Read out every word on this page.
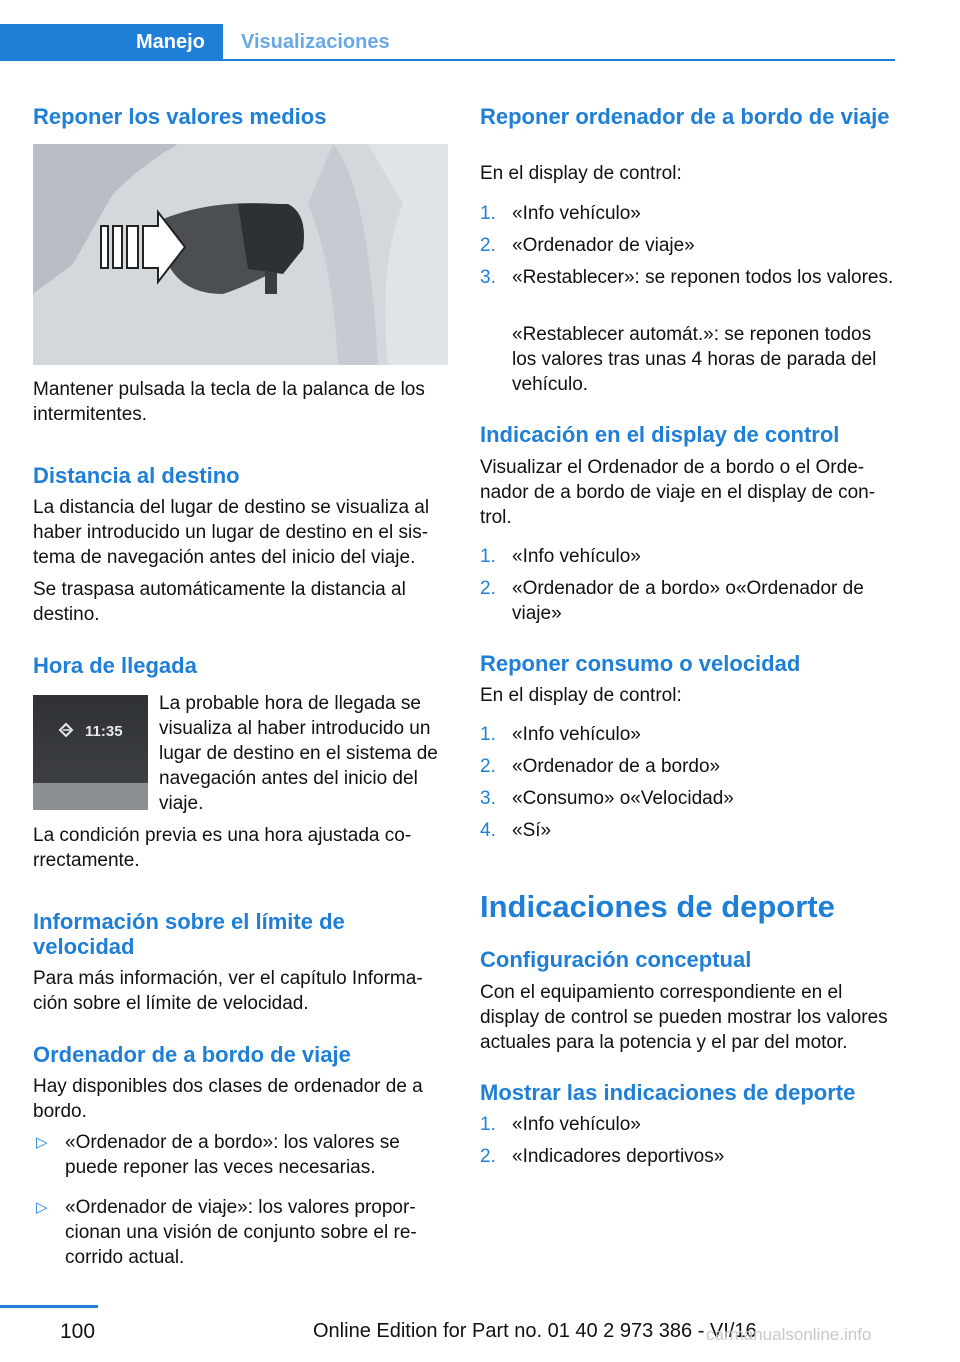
Manejo	Visualizaciones
Reponer los valores medios

Mantener pulsada la tecla de la palanca de los intermitentes.

Distancia al destino

La distancia del lugar de destino se visualiza al haber introducido un lugar de destino en el sistema de navegación antes del inicio del viaje.

Se traspasa automáticamente la distancia al destino.

Hora de llegada
11:35

La probable hora de llegada se visualiza al haber introducido un lugar de destino en el sistema de navegación antes del inicio del viaje.

La condición previa es una hora ajustada correctamente.

Información sobre el límite de velocidad

Para más información, ver el capítulo Información sobre el límite de velocidad.

Ordenador de a bordo de viaje

Hay disponibles dos clases de ordenador de a bordo.

▷ «Ordenador de a bordo»: los valores se puede reponer las veces necesarias.
▷ «Ordenador de viaje»: los valores proporcionan una visión de conjunto sobre el recorrido actual.
Reponer ordenador de a bordo de viaje

En el display de control:

1. «Info vehículo»
2. «Ordenador de viaje»
3. «Restablecer»: se reponen todos los valores.

«Restablecer automát.»: se reponen todos los valores tras unas 4 horas de parada del vehículo.

Indicación en el display de control

Visualizar el Ordenador de a bordo o el Ordenador de a bordo de viaje en el display de control.

1. «Info vehículo»
2. «Ordenador de a bordo» o«Ordenador de viaje»
Reponer consumo o velocidad

En el display de control:

1. «Info vehículo»
2. «Ordenador de a bordo»
3. «Consumo» o«Velocidad»
4. «Sí»
Indicaciones de deporte
Configuración conceptual

Con el equipamiento correspondiente en el display de control se pueden mostrar los valores actuales para la potencia y el par del motor.

Mostrar las indicaciones de deporte
1. «Info vehículo»
2. «Indicadores deportivos»
100	Online Edition for Part no. 01 40 2 973 386 - VI/16
carmanualsonline.info
